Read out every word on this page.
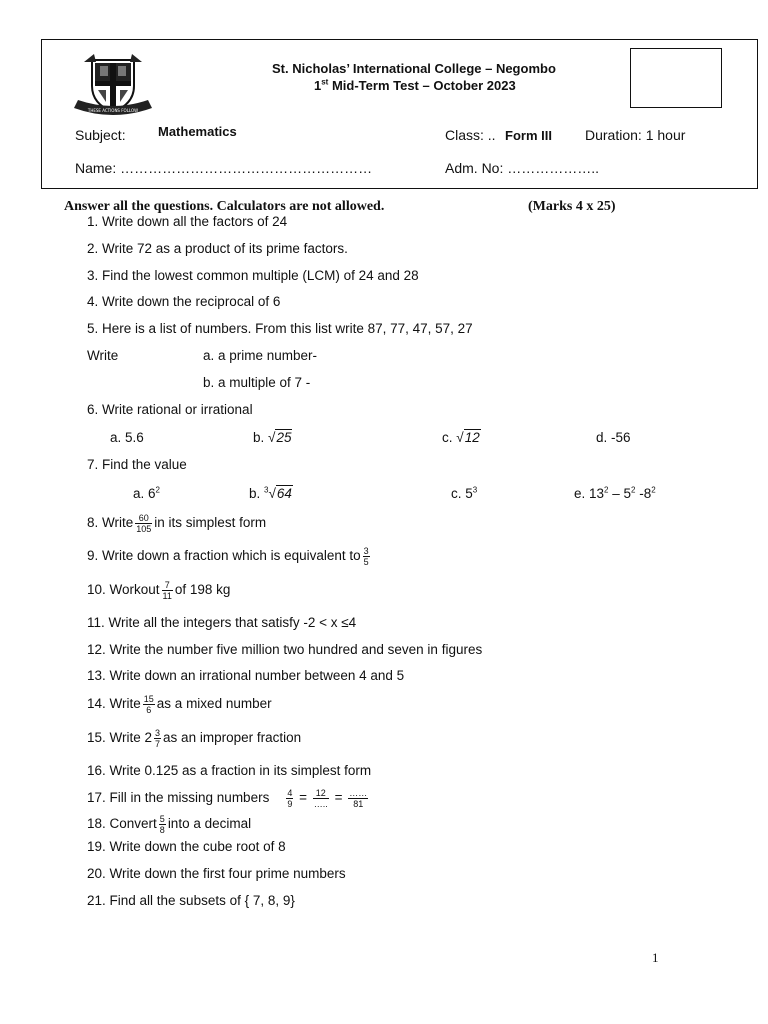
THESE ACTIONS FOLLOW
St. Nicholas’ International College – Negombo
1st Mid-Term Test – October 2023
Subject: Mathematics	Class: .. Form III Duration: 1 hour
Name: ………………………………………………	Adm. No: ………………..
Answer all the questions. Calculators are not allowed.	(Marks 4 x 25)
1. Write down all the factors of 24
2. Write 72 as a product of its prime factors.
3. Find the lowest common multiple (LCM) of 24 and 28
4. Write down the reciprocal of 6
5. Here is a list of numbers. From this list write 87, 77, 47, 57, 27
Write	a. a prime number-
b. a multiple of 7 -
6. Write rational or irrational
a. 5.6	b. √25	c. √12	d. -56
7. Find the value
a. $6^2$	b. $^3$√64	c. $5^3$	e. $13^2 - 5^2$ $-8^2$
8. Write $\frac{60}{105}$ in its simplest form
9. Write down a fraction which is equivalent to $\frac{3}{5}$
10. Workout $\frac{7}{11}$ of 198 kg
11. Write all the integers that satisfy -2 < x ≤4
12. Write the number five million two hundred and seven in figures
13. Write down an irrational number between 4 and 5
14. Write $\frac{15}{6}$ as a mixed number
15. Write $2 \frac{3}{7}$ as an improper fraction
16. Write 0.125 as a fraction in its simplest form
17. Fill in the missing numbers $\frac{4}{9} = \frac{12}{\dots..} = \frac{\dots\dots}{81}$
18. Convert $\frac{5}{8}$ into a decimal
19. Write down the cube root of 8
20. Write down the first four prime numbers
21. Find all the subsets of { 7, 8, 9}
1
